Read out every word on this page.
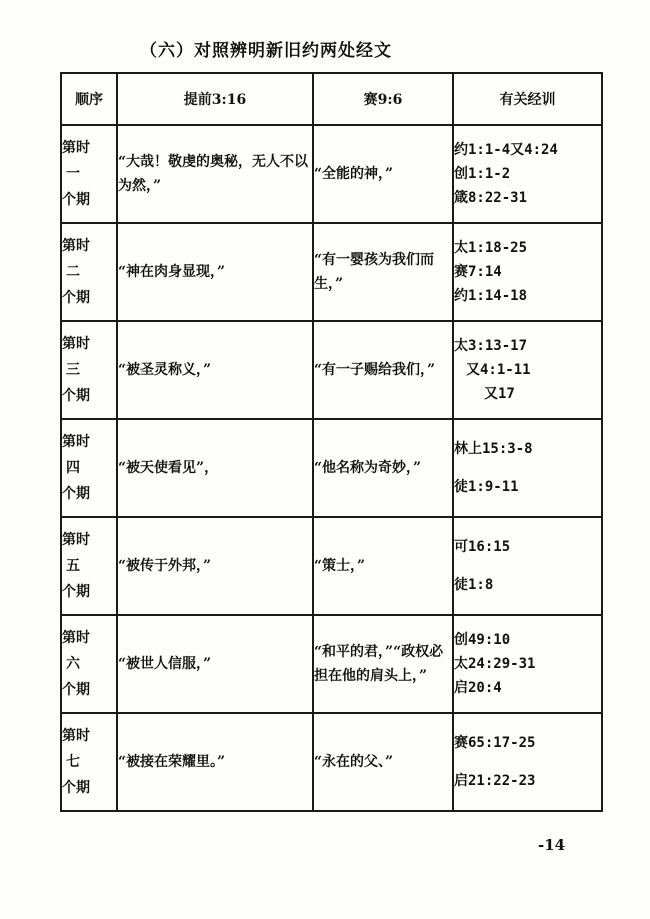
（六）对照辨明新旧约两处经文
顺序	提前3:16	赛9:6	有关经训

第时
一
个期	“大哉！敬虔的奥秘，无人不以为然，”	“全能的神，”	约1:1-4又4:24
创1:1-2
箴8:22-31

第时
二
个期	“神在肉身显现，”	“有一婴孩为我们而生，”	太1:18-25
赛7:14
约1:14-18

第时
三
个期	“被圣灵称义，”	“有一子赐给我们，”	太3:13-17
又4:1-11
又17

第时
四
个期	“被天使看见”，	“他名称为奇妙，”	林上15:3-8
徒1:9-11

第时
五
个期	“被传于外邦，”	“策士，”	可16:15
徒1:8

第时
六
个期	“被世人信服，”	“和平的君，”“政权必担在他的肩头上，”	创49:10
太24:29-31
启20:4

第时
七
个期	“被接在荣耀里。”	“永在的父、”	赛65:17-25
启21:22-23
-14
